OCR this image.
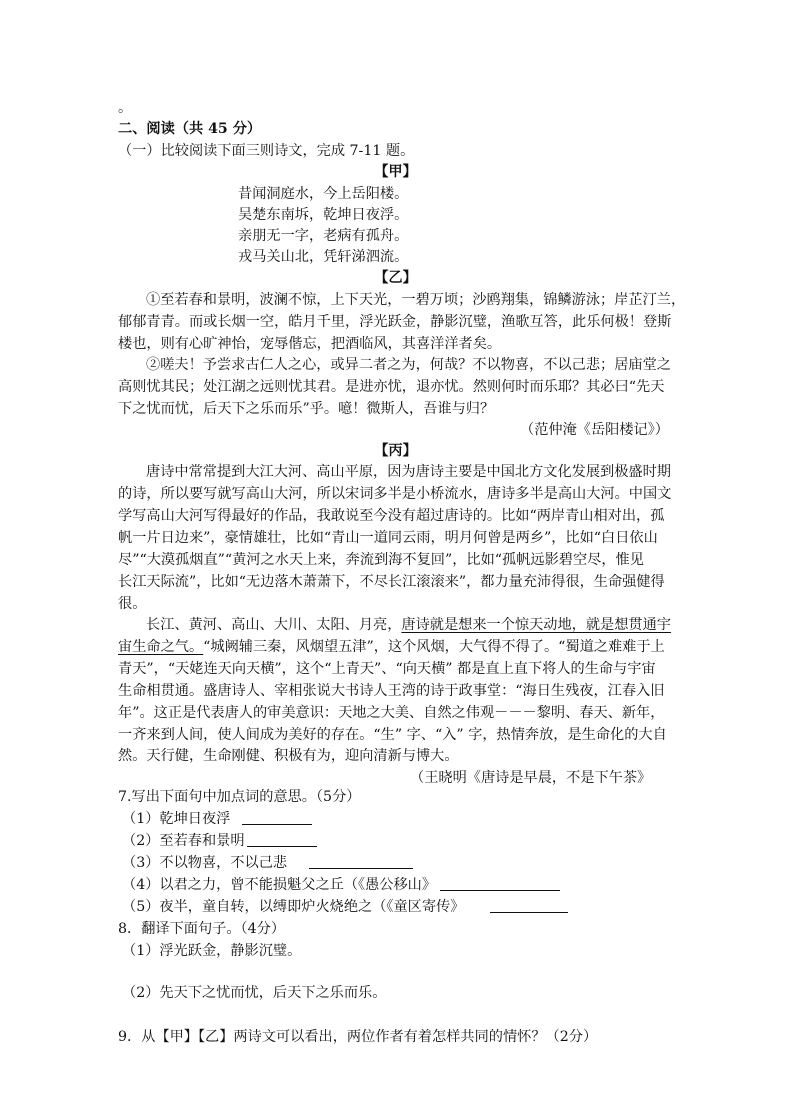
。
二、阅读（共 45 分）
（一）比较阅读下面三则诗文，完成 7-11 题。
【甲】
昔闻洞庭水，今上岳阳楼。
吴楚东南坼，乾坤日夜浮。
亲朋无一字，老病有孤舟。
戎马关山北，凭轩涕泗流。
【乙】
①至若春和景明，波澜不惊，上下天光，一碧万顷；沙鸥翔集，锦鳞游泳；岸芷汀兰，
郁郁青青。而或长烟一空，皓月千里，浮光跃金，静影沉璧，渔歌互答，此乐何极！登斯
楼也，则有心旷神怡，宠辱偕忘，把酒临风，其喜洋洋者矣。
②嗟夫！予尝求古仁人之心，或异二者之为，何哉？不以物喜，不以己悲；居庙堂之
高则忧其民；处江湖之远则忧其君。是进亦忧，退亦忧。然则何时而乐耶？其必曰“先天
下之忧而忧，后天下之乐而乐”乎。噫！微斯人，吾谁与归？
（范仲淹《岳阳楼记》）
【丙】
唐诗中常常提到大江大河、高山平原，因为唐诗主要是中国北方文化发展到极盛时期
的诗，所以要写就写高山大河，所以宋词多半是小桥流水，唐诗多半是高山大河。中国文
学写高山大河写得最好的作品，我敢说至今没有超过唐诗的。比如“两岸青山相对出，孤
帆一片日边来”，豪情雄壮，比如“青山一道同云雨，明月何曾是两乡”，比如“白日依山
尽”“大漠孤烟直”“黄河之水天上来，奔流到海不复回”，比如“孤帆远影碧空尽，惟见
长江天际流”，比如“无边落木萧萧下，不尽长江滚滚来”，都力量充沛得很，生命强健得
很。
长江、黄河、高山、大川、太阳、月亮，唐诗就是想来一个惊天动地，就是想贯通宇
宙生命之气。“城阙辅三秦，风烟望五津”，这个风烟，大气得不得了。“蜀道之难难于上
青天”，“天姥连天向天横”，这个“上青天”、“向天横” 都是直上直下将人的生命与宇宙
生命相贯通。盛唐诗人、宰相张说大书诗人王湾的诗于政事堂：“海日生残夜，江春入旧
年”。这正是代表唐人的审美意识：天地之大美、自然之伟观－－－黎明、春天、新年，
一齐来到人间，使人间成为美好的存在。“生” 字、“入” 字，热情奔放，是生命化的大自
然。天行健，生命刚健、积极有为，迎向清新与博大。
（王晓明《唐诗是早晨，不是下午茶》
7.写出下面句中加点词的意思。（5分）
（1）乾坤日夜浮
（2）至若春和景明
（3）不以物喜，不以己悲
（4）以君之力，曾不能损魁父之丘（《愚公移山》
（5）夜半，童自转，以缚即炉火烧绝之（《童区寄传》
8．翻译下面句子。（4分）
（1）浮光跃金，静影沉璧。
（2）先天下之忧而忧，后天下之乐而乐。
9．从【甲】【乙】两诗文可以看出，两位作者有着怎样共同的情怀？（2分）
